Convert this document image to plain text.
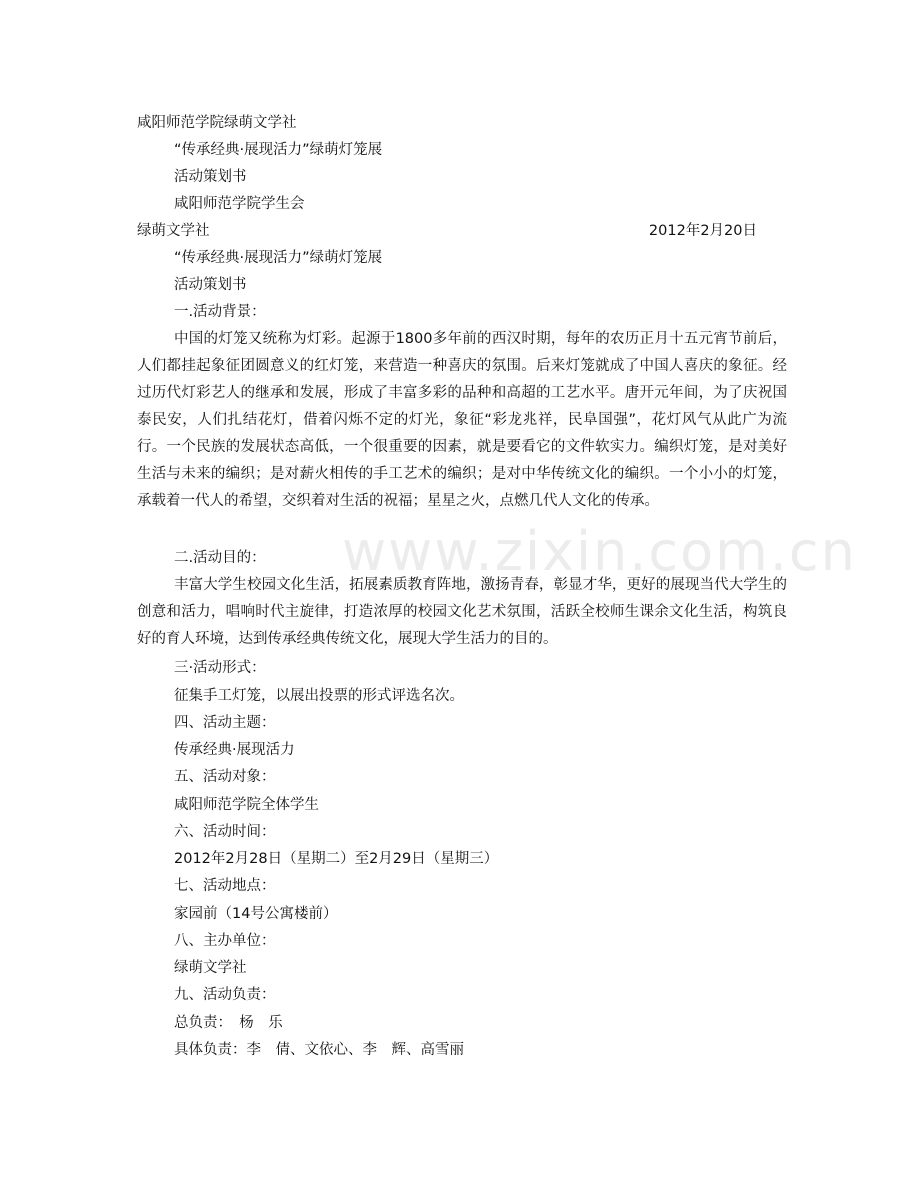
www.zixin.com.cn
咸阳师范学院绿萌文学社
“传承经典·展现活力”绿萌灯笼展
活动策划书
咸阳师范学院学生会
绿萌文学社	2012年2月20日
“传承经典·展现活力”绿萌灯笼展
活动策划书
一.活动背景：
中国的灯笼又统称为灯彩。起源于1800多年前的西汉时期，每年的农历正月十五元宵节前后，人们都挂起象征团圆意义的红灯笼，来营造一种喜庆的氛围。后来灯笼就成了中国人喜庆的象征。经过历代灯彩艺人的继承和发展，形成了丰富多彩的品种和高超的工艺水平。唐开元年间，为了庆祝国泰民安，人们扎结花灯，借着闪烁不定的灯光，象征“彩龙兆祥，民阜国强”，花灯风气从此广为流行。一个民族的发展状态高低，一个很重要的因素，就是要看它的文件软实力。编织灯笼，是对美好生活与未来的编织；是对薪火相传的手工艺术的编织；是对中华传统文化的编织。一个小小的灯笼，承载着一代人的希望，交织着对生活的祝福；星星之火，点燃几代人文化的传承。
二.活动目的：
丰富大学生校园文化生活，拓展素质教育阵地，激扬青春，彰显才华，更好的展现当代大学生的创意和活力，唱响时代主旋律，打造浓厚的校园文化艺术氛围，活跃全校师生课余文化生活，构筑良好的育人环境，达到传承经典传统文化，展现大学生活力的目的。
三·活动形式：
征集手工灯笼，以展出投票的形式评选名次。
四、活动主题：
传承经典·展现活力
五、活动对象：
咸阳师范学院全体学生
六、活动时间：
2012年2月28日（星期二）至2月29日（星期三）
七、活动地点：
家园前（14号公寓楼前）
八、主办单位：
绿萌文学社
九、活动负责：
总负责：　杨　乐
具体负责：李　倩、文依心、李　辉、高雪丽
